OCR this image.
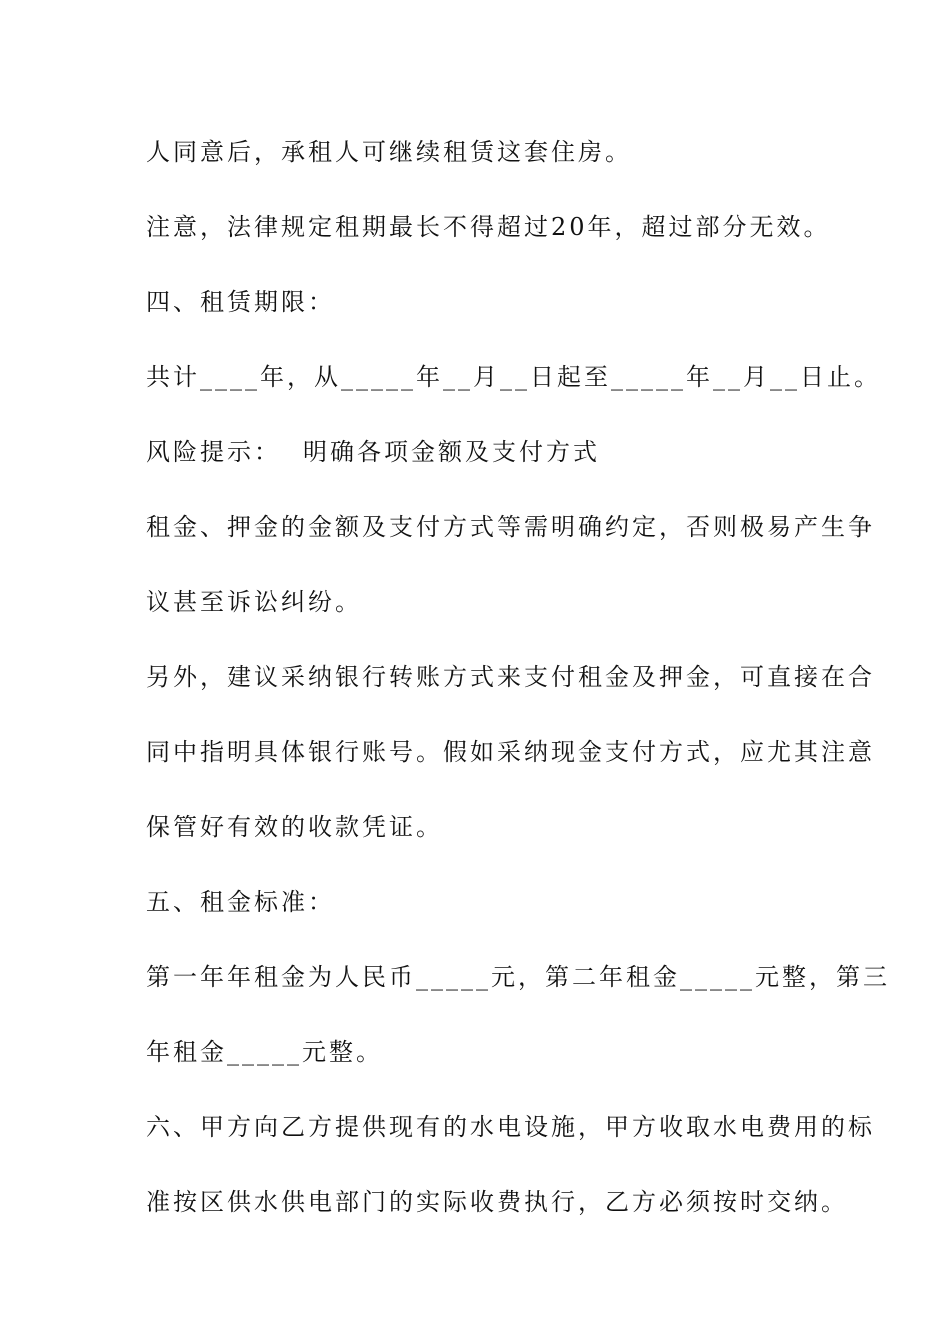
人同意后，承租人可继续租赁这套住房。
注意，法律规定租期最长不得超过20年，超过部分无效。
四、租赁期限：
共计____年，从_____年__月__日起至_____年__月__日止。
风险提示： 明确各项金额及支付方式
租金、押金的金额及支付方式等需明确约定，否则极易产生争
议甚至诉讼纠纷。
另外，建议采纳银行转账方式来支付租金及押金，可直接在合
同中指明具体银行账号。假如采纳现金支付方式，应尤其注意
保管好有效的收款凭证。
五、租金标准：
第一年年租金为人民币_____元，第二年租金_____元整，第三
年租金_____元整。
六、甲方向乙方提供现有的水电设施，甲方收取水电费用的标
准按区供水供电部门的实际收费执行，乙方必须按时交纳。
